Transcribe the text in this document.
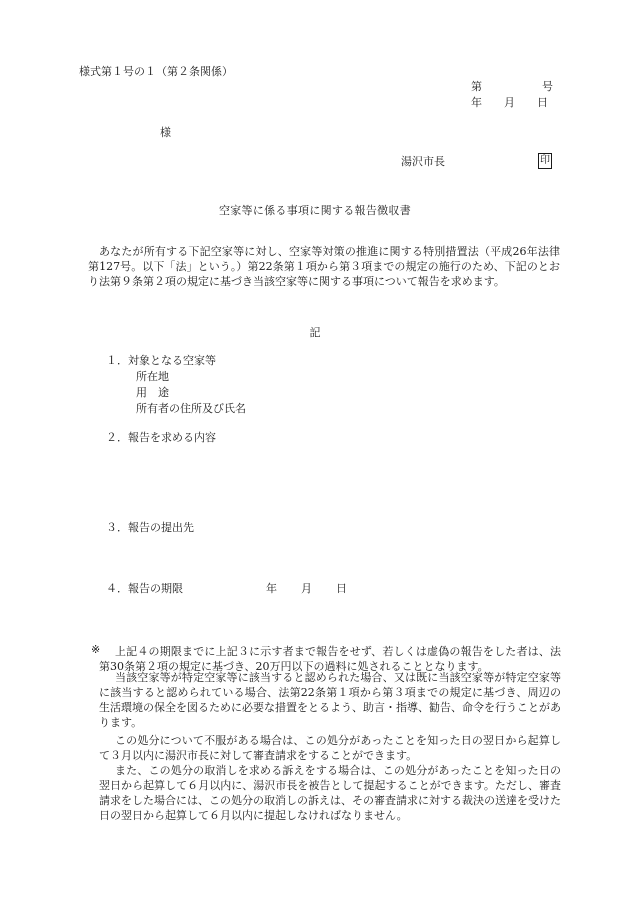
様式第１号の１（第２条関係）
第	号
年 月 日
様
湯沢市長	印
空家等に係る事項に関する報告徴収書
あなたが所有する下記空家等に対し、空家等対策の推進に関する特別措置法（平成26年法律第127号。以下「法」という。）第22条第１項から第３項までの規定の施行のため、下記のとおり法第９条第２項の規定に基づき当該空家等に関する事項について報告を求めます。
記
１．対象となる空家等
所在地
用　途
所有者の住所及び氏名
２．報告を求める内容
３．報告の提出先
４．報告の期限	年 月 日
※	上記４の期限までに上記３に示す者まで報告をせず、若しくは虚偽の報告をした者は、法第30条第２項の規定に基づき、20万円以下の過料に処されることとなります。
当該空家等が特定空家等に該当すると認められた場合、又は既に当該空家等が特定空家等に該当すると認められている場合、法第22条第１項から第３項までの規定に基づき、周辺の生活環境の保全を図るために必要な措置をとるよう、助言・指導、勧告、命令を行うことがあります。
この処分について不服がある場合は、この処分があったことを知った日の翌日から起算して３月以内に湯沢市長に対して審査請求をすることができます。
また、この処分の取消しを求める訴えをする場合は、この処分があったことを知った日の翌日から起算して６月以内に、湯沢市長を被告として提起することができます。ただし、審査請求をした場合には、この処分の取消しの訴えは、その審査請求に対する裁決の送達を受けた日の翌日から起算して６月以内に提起しなければなりません。
